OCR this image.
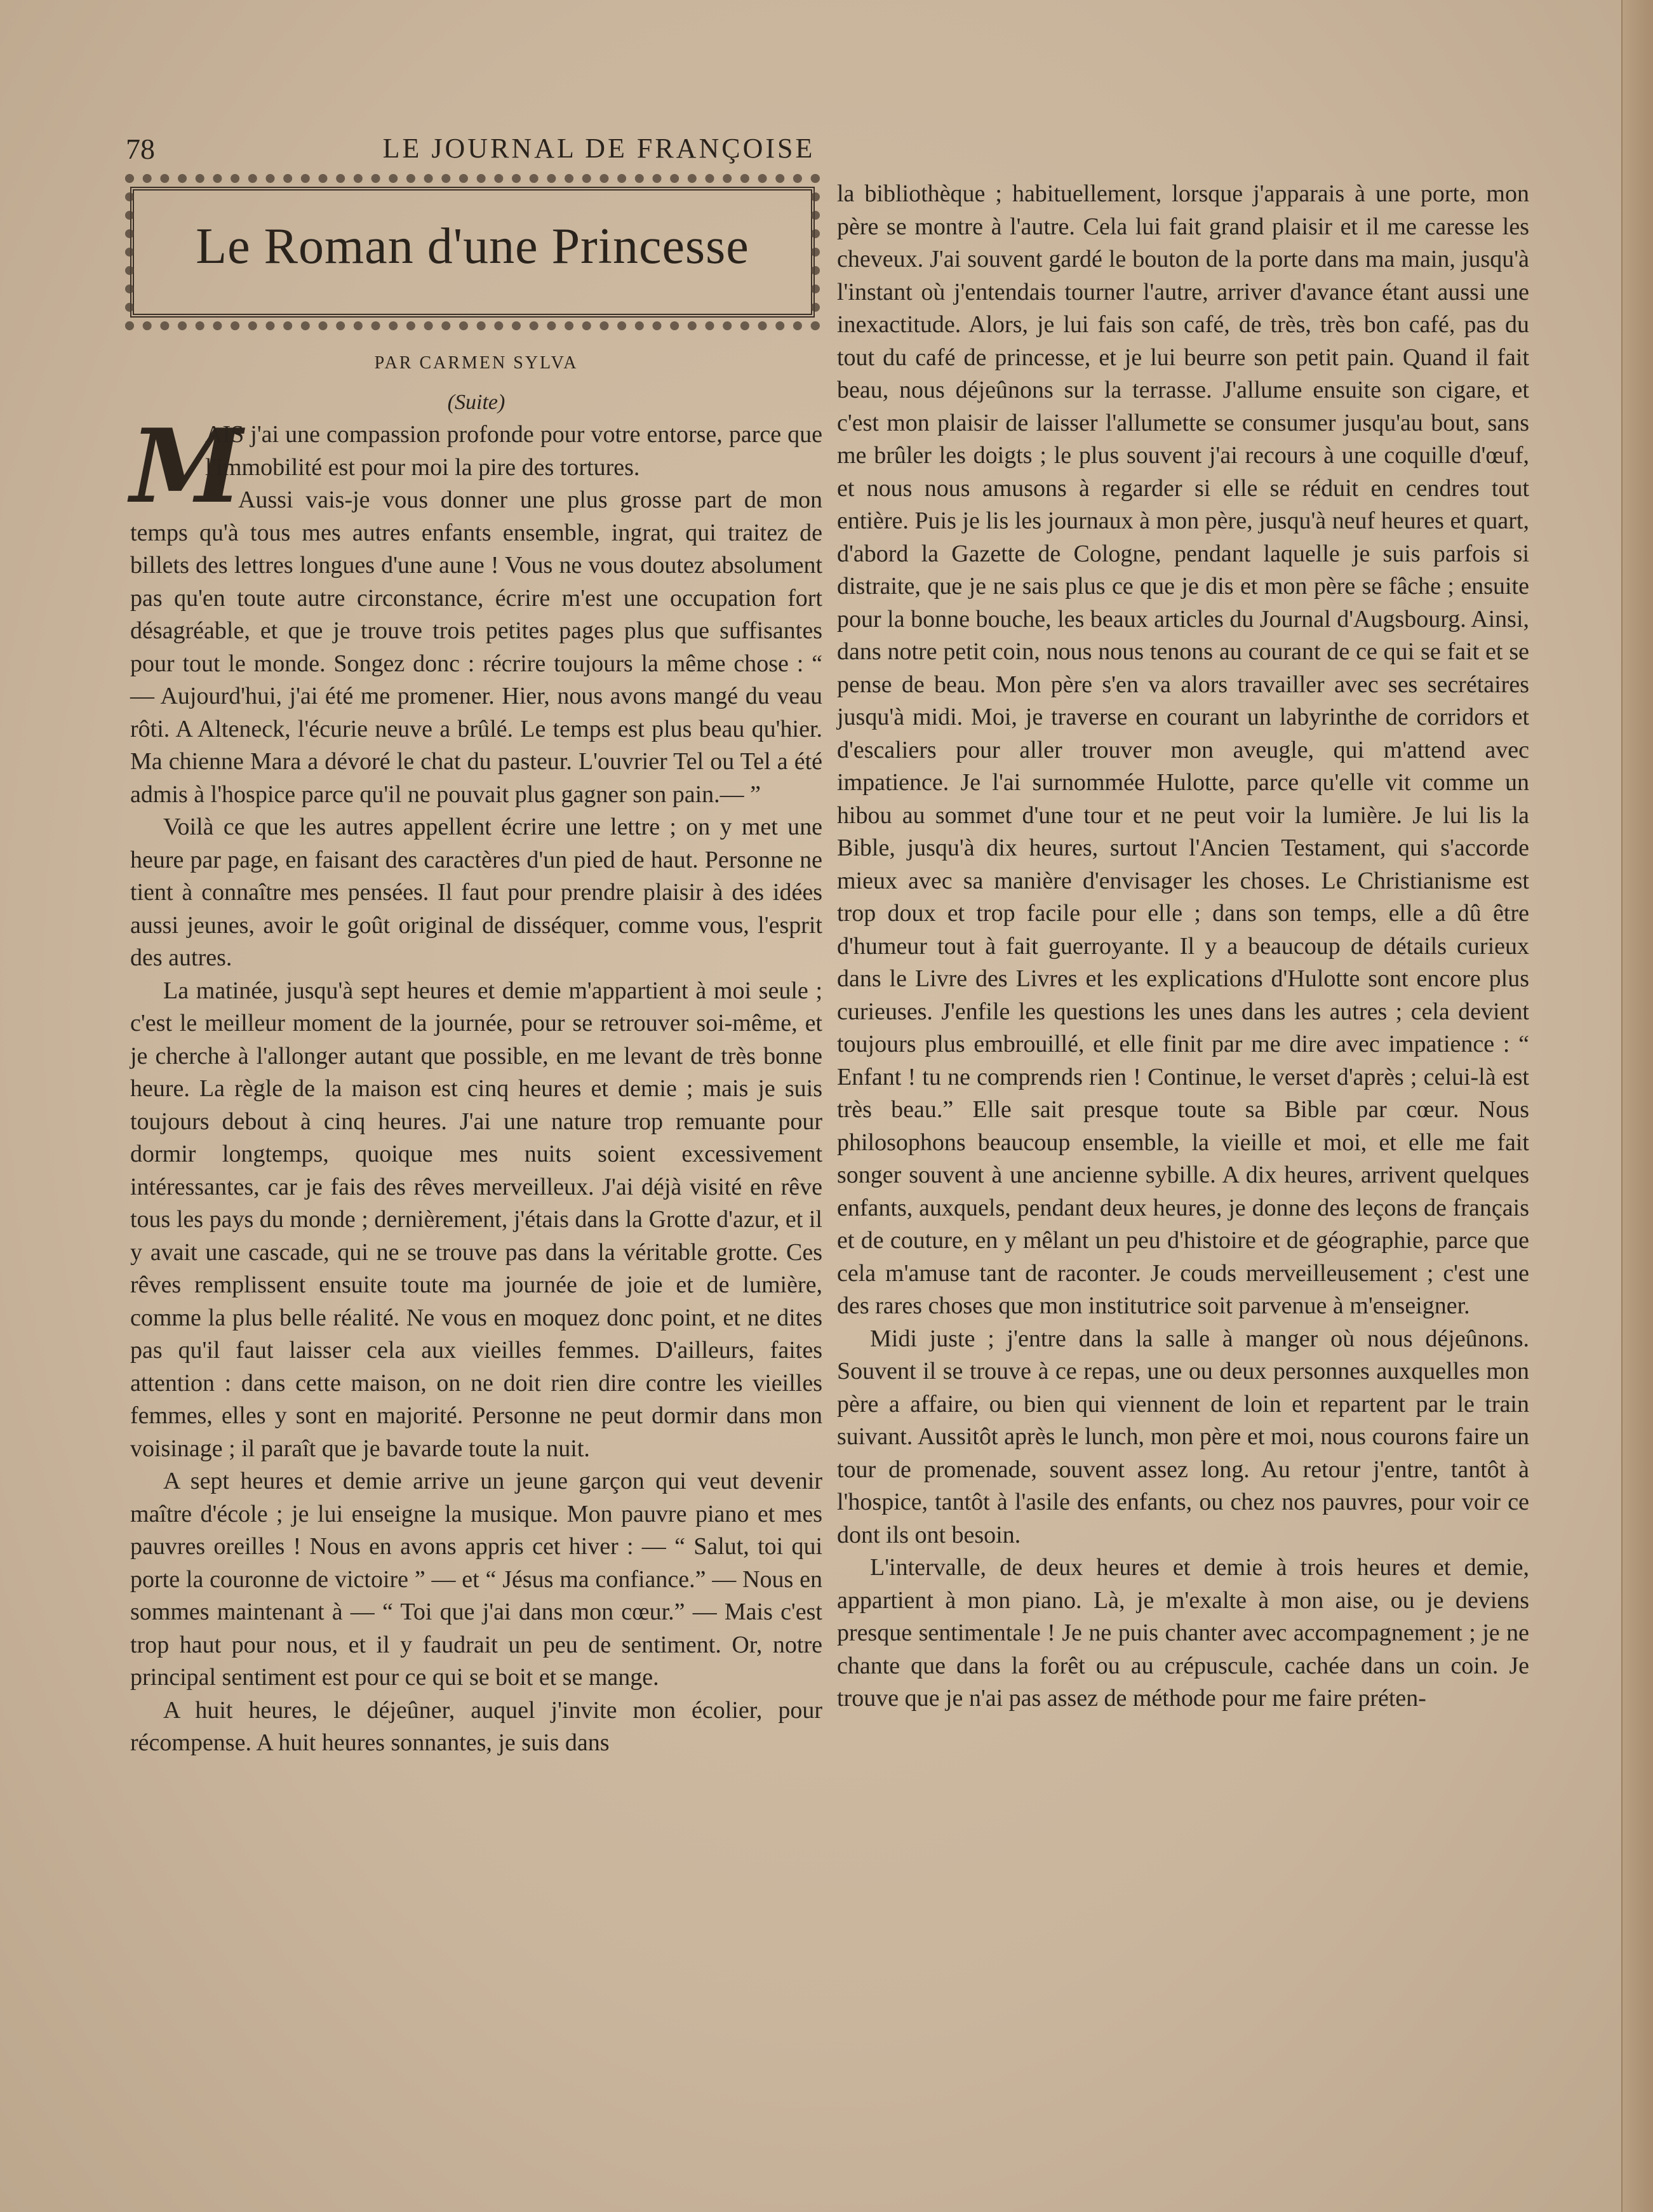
78	LE JOURNAL DE FRANÇOISE
Le Roman d'une Princesse
PAR CARMEN SYLVA
(Suite)

M
AIS j'ai une compassion profonde pour votre entorse, parce que l'immobilité est pour moi la pire des tortures.

Aussi vais-je vous donner une plus grosse part de mon temps qu'à tous mes autres enfants ensemble, ingrat, qui traitez de billets des lettres longues d'une aune ! Vous ne vous doutez absolument pas qu'en toute autre circonstance, écrire m'est une occupation fort désagréable, et que je trouve trois petites pages plus que suffisantes pour tout le monde. Songez donc : récrire toujours la même chose : “ — Aujourd'hui, j'ai été me promener. Hier, nous avons mangé du veau rôti. A Alteneck, l'écurie neuve a brûlé. Le temps est plus beau qu'hier. Ma chienne Mara a dévoré le chat du pasteur. L'ouvrier Tel ou Tel a été admis à l'hospice parce qu'il ne pouvait plus gagner son pain.— ”

Voilà ce que les autres appellent écrire une lettre ; on y met une heure par page, en faisant des caractères d'un pied de haut. Personne ne tient à connaître mes pensées. Il faut pour prendre plaisir à des idées aussi jeunes, avoir le goût original de disséquer, comme vous, l'esprit des autres.

La matinée, jusqu'à sept heures et demie m'appartient à moi seule ; c'est le meilleur moment de la journée, pour se retrouver soi-même, et je cherche à l'allonger autant que possible, en me levant de très bonne heure. La règle de la maison est cinq heures et demie ; mais je suis toujours debout à cinq heures. J'ai une nature trop remuante pour dormir longtemps, quoique mes nuits soient excessivement intéressantes, car je fais des rêves merveilleux. J'ai déjà visité en rêve tous les pays du monde ; dernièrement, j'étais dans la Grotte d'azur, et il y avait une cascade, qui ne se trouve pas dans la véritable grotte. Ces rêves remplissent ensuite toute ma journée de joie et de lumière, comme la plus belle réalité. Ne vous en moquez donc point, et ne dites pas qu'il faut laisser cela aux vieilles femmes. D'ailleurs, faites attention : dans cette maison, on ne doit rien dire contre les vieilles femmes, elles y sont en majorité. Personne ne peut dormir dans mon voisinage ; il paraît que je bavarde toute la nuit.

A sept heures et demie arrive un jeune garçon qui veut devenir maître d'école ; je lui enseigne la musique. Mon pauvre piano et mes pauvres oreilles ! Nous en avons appris cet hiver : — “ Salut, toi qui porte la couronne de victoire ” — et “ Jésus ma confiance.” — Nous en sommes maintenant à — “ Toi que j'ai dans mon cœur.” — Mais c'est trop haut pour nous, et il y faudrait un peu de sentiment. Or, notre principal sentiment est pour ce qui se boit et se mange.

A huit heures, le déjeûner, auquel j'invite mon écolier, pour récompense. A huit heures sonnantes, je suis dans

la bibliothèque ; habituellement, lorsque j'apparais à une porte, mon père se montre à l'autre. Cela lui fait grand plaisir et il me caresse les cheveux. J'ai souvent gardé le bouton de la porte dans ma main, jusqu'à l'instant où j'entendais tourner l'autre, arriver d'avance étant aussi une inexactitude. Alors, je lui fais son café, de très, très bon café, pas du tout du café de princesse, et je lui beurre son petit pain. Quand il fait beau, nous déjeûnons sur la terrasse. J'allume ensuite son cigare, et c'est mon plaisir de laisser l'allumette se consumer jusqu'au bout, sans me brûler les doigts ; le plus souvent j'ai recours à une coquille d'œuf, et nous nous amusons à regarder si elle se réduit en cendres tout entière. Puis je lis les journaux à mon père, jusqu'à neuf heures et quart, d'abord la Gazette de Cologne, pendant laquelle je suis parfois si distraite, que je ne sais plus ce que je dis et mon père se fâche ; ensuite pour la bonne bouche, les beaux articles du Journal d'Augsbourg. Ainsi, dans notre petit coin, nous nous tenons au courant de ce qui se fait et se pense de beau. Mon père s'en va alors travailler avec ses secrétaires jusqu'à midi. Moi, je traverse en courant un labyrinthe de corridors et d'escaliers pour aller trouver mon aveugle, qui m'attend avec impatience. Je l'ai surnommée Hulotte, parce qu'elle vit comme un hibou au sommet d'une tour et ne peut voir la lumière. Je lui lis la Bible, jusqu'à dix heures, surtout l'Ancien Testament, qui s'accorde mieux avec sa manière d'envisager les choses. Le Christianisme est trop doux et trop facile pour elle ; dans son temps, elle a dû être d'humeur tout à fait guerroyante. Il y a beaucoup de détails curieux dans le Livre des Livres et les explications d'Hulotte sont encore plus curieuses. J'enfile les questions les unes dans les autres ; cela devient toujours plus embrouillé, et elle finit par me dire avec impatience : “ Enfant ! tu ne comprends rien ! Continue, le verset d'après ; celui-là est très beau.” Elle sait presque toute sa Bible par cœur. Nous philosophons beaucoup ensemble, la vieille et moi, et elle me fait songer souvent à une ancienne sybille. A dix heures, arrivent quelques enfants, auxquels, pendant deux heures, je donne des leçons de français et de couture, en y mêlant un peu d'histoire et de géographie, parce que cela m'amuse tant de raconter. Je couds merveilleusement ; c'est une des rares choses que mon institutrice soit parvenue à m'enseigner.

Midi juste ; j'entre dans la salle à manger où nous déjeûnons. Souvent il se trouve à ce repas, une ou deux personnes auxquelles mon père a affaire, ou bien qui viennent de loin et repartent par le train suivant. Aussitôt après le lunch, mon père et moi, nous courons faire un tour de promenade, souvent assez long. Au retour j'entre, tantôt à l'hospice, tantôt à l'asile des enfants, ou chez nos pauvres, pour voir ce dont ils ont besoin.

L'intervalle, de deux heures et demie à trois heures et demie, appartient à mon piano. Là, je m'exalte à mon aise, ou je deviens presque sentimentale ! Je ne puis chanter avec accompagnement ; je ne chante que dans la forêt ou au crépuscule, cachée dans un coin. Je trouve que je n'ai pas assez de méthode pour me faire préten-
